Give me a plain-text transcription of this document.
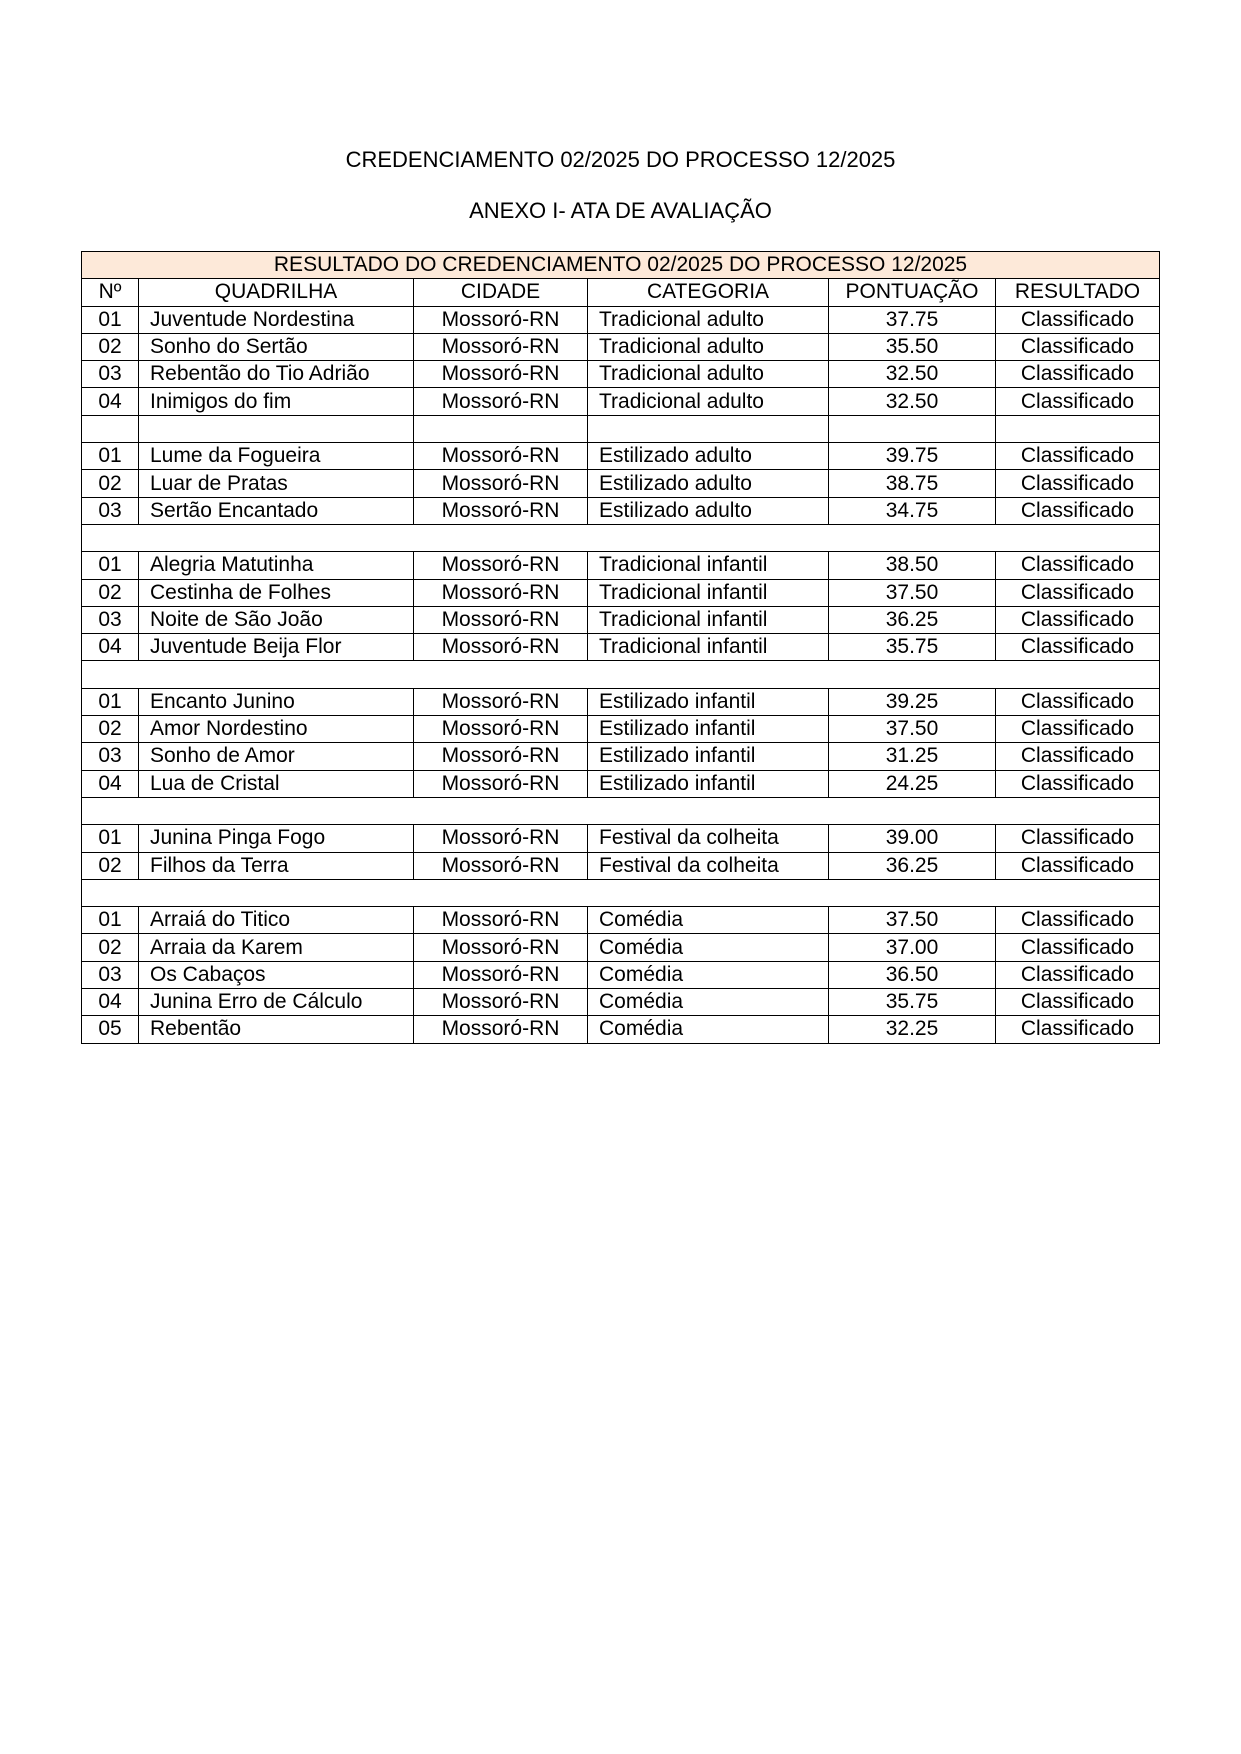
CREDENCIAMENTO 02/2025 DO PROCESSO 12/2025
ANEXO I- ATA DE AVALIAÇÃO
RESULTADO DO CREDENCIAMENTO 02/2025 DO PROCESSO 12/2025					
Nº	QUADRILHA	CIDADE	CATEGORIA	PONTUAÇÃO	RESULTADO
01	Juventude Nordestina	Mossoró-RN	Tradicional adulto	37.75	Classificado
02	Sonho do Sertão	Mossoró-RN	Tradicional adulto	35.50	Classificado
03	Rebentão do Tio Adrião	Mossoró-RN	Tradicional adulto	32.50	Classificado
04	Inimigos do fim	Mossoró-RN	Tradicional adulto	32.50	Classificado

01	Lume da Fogueira	Mossoró-RN	Estilizado adulto	39.75	Classificado
02	Luar de Pratas	Mossoró-RN	Estilizado adulto	38.75	Classificado
03	Sertão Encantado	Mossoró-RN	Estilizado adulto	34.75	Classificado

01	Alegria Matutinha	Mossoró-RN	Tradicional infantil	38.50	Classificado
02	Cestinha de Folhes	Mossoró-RN	Tradicional infantil	37.50	Classificado
03	Noite de São João	Mossoró-RN	Tradicional infantil	36.25	Classificado
04	Juventude Beija Flor	Mossoró-RN	Tradicional infantil	35.75	Classificado

01	Encanto Junino	Mossoró-RN	Estilizado infantil	39.25	Classificado
02	Amor Nordestino	Mossoró-RN	Estilizado infantil	37.50	Classificado
03	Sonho de Amor	Mossoró-RN	Estilizado infantil	31.25	Classificado
04	Lua de Cristal	Mossoró-RN	Estilizado infantil	24.25	Classificado

01	Junina Pinga Fogo	Mossoró-RN	Festival da colheita	39.00	Classificado
02	Filhos da Terra	Mossoró-RN	Festival da colheita	36.25	Classificado

01	Arraiá do Titico	Mossoró-RN	Comédia	37.50	Classificado
02	Arraia da Karem	Mossoró-RN	Comédia	37.00	Classificado
03	Os Cabaços	Mossoró-RN	Comédia	36.50	Classificado
04	Junina Erro de Cálculo	Mossoró-RN	Comédia	35.75	Classificado
05	Rebentão	Mossoró-RN	Comédia	32.25	Classificado
